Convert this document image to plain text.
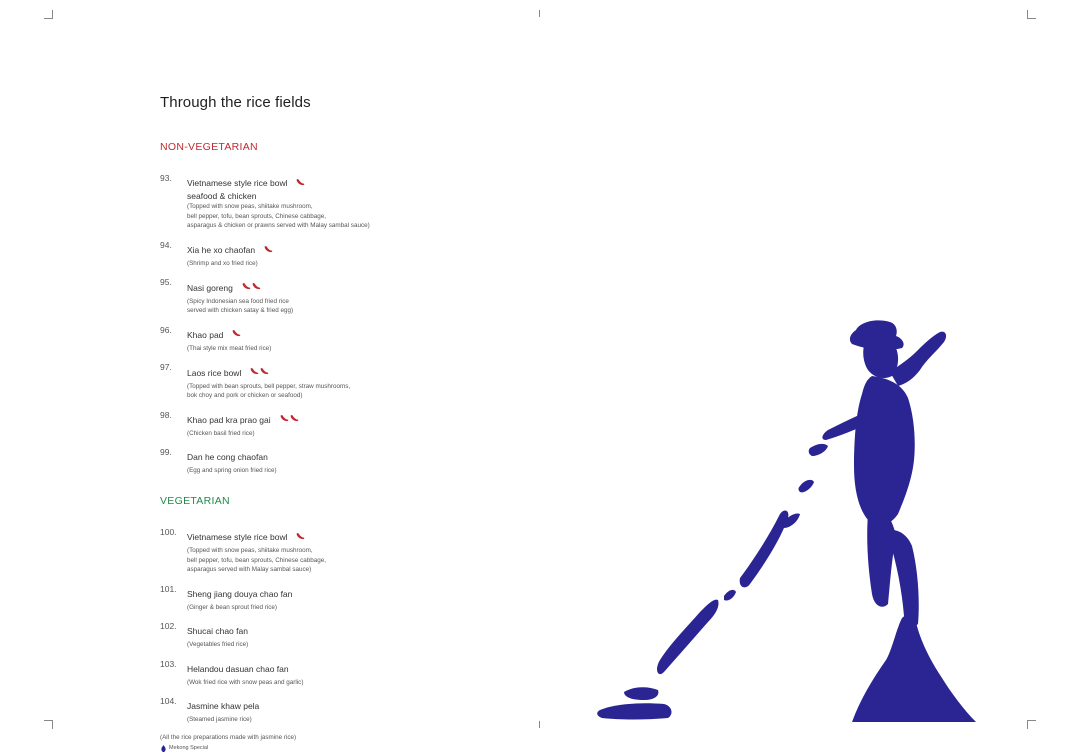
Through the rice fields
NON-VEGETARIAN
93.
Vietnamese style rice bowl
seafood & chicken
(Topped with snow peas, shiitake mushroom,
bell pepper, tofu, bean sprouts, Chinese cabbage,
asparagus & chicken or prawns served with Malay sambal sauce)
94.
Xia he xo chaofan
(Shrimp and xo fried rice)
95.
Nasi goreng
(Spicy Indonesian sea food fried rice
served with chicken satay & fried egg)
96.
Khao pad
(Thai style mix meat fried rice)
97.
Laos rice bowl
(Topped with bean sprouts, bell pepper, straw mushrooms,
bok choy and pork or chicken or seafood)
98.
Khao pad kra prao gai
(Chicken basil fried rice)
99. Dan he cong chaofan
(Egg and spring onion fried rice)
VEGETARIAN
100.
Vietnamese style rice bowl
(Topped with snow peas, shiitake mushroom,
bell pepper, tofu, bean sprouts, Chinese cabbage,
asparagus served with Malay sambal sauce)
101. Sheng jiang douya chao fan
(Ginger & bean sprout fried rice)
102. Shucai chao fan
(Vegetables fried rice)
103. Helandou dasuan chao fan
(Wok fried rice with snow peas and garlic)
104. Jasmine khaw pela
(Steamed jasmine rice)
(All the rice preparations made with jasmine rice)
Mekong Special
